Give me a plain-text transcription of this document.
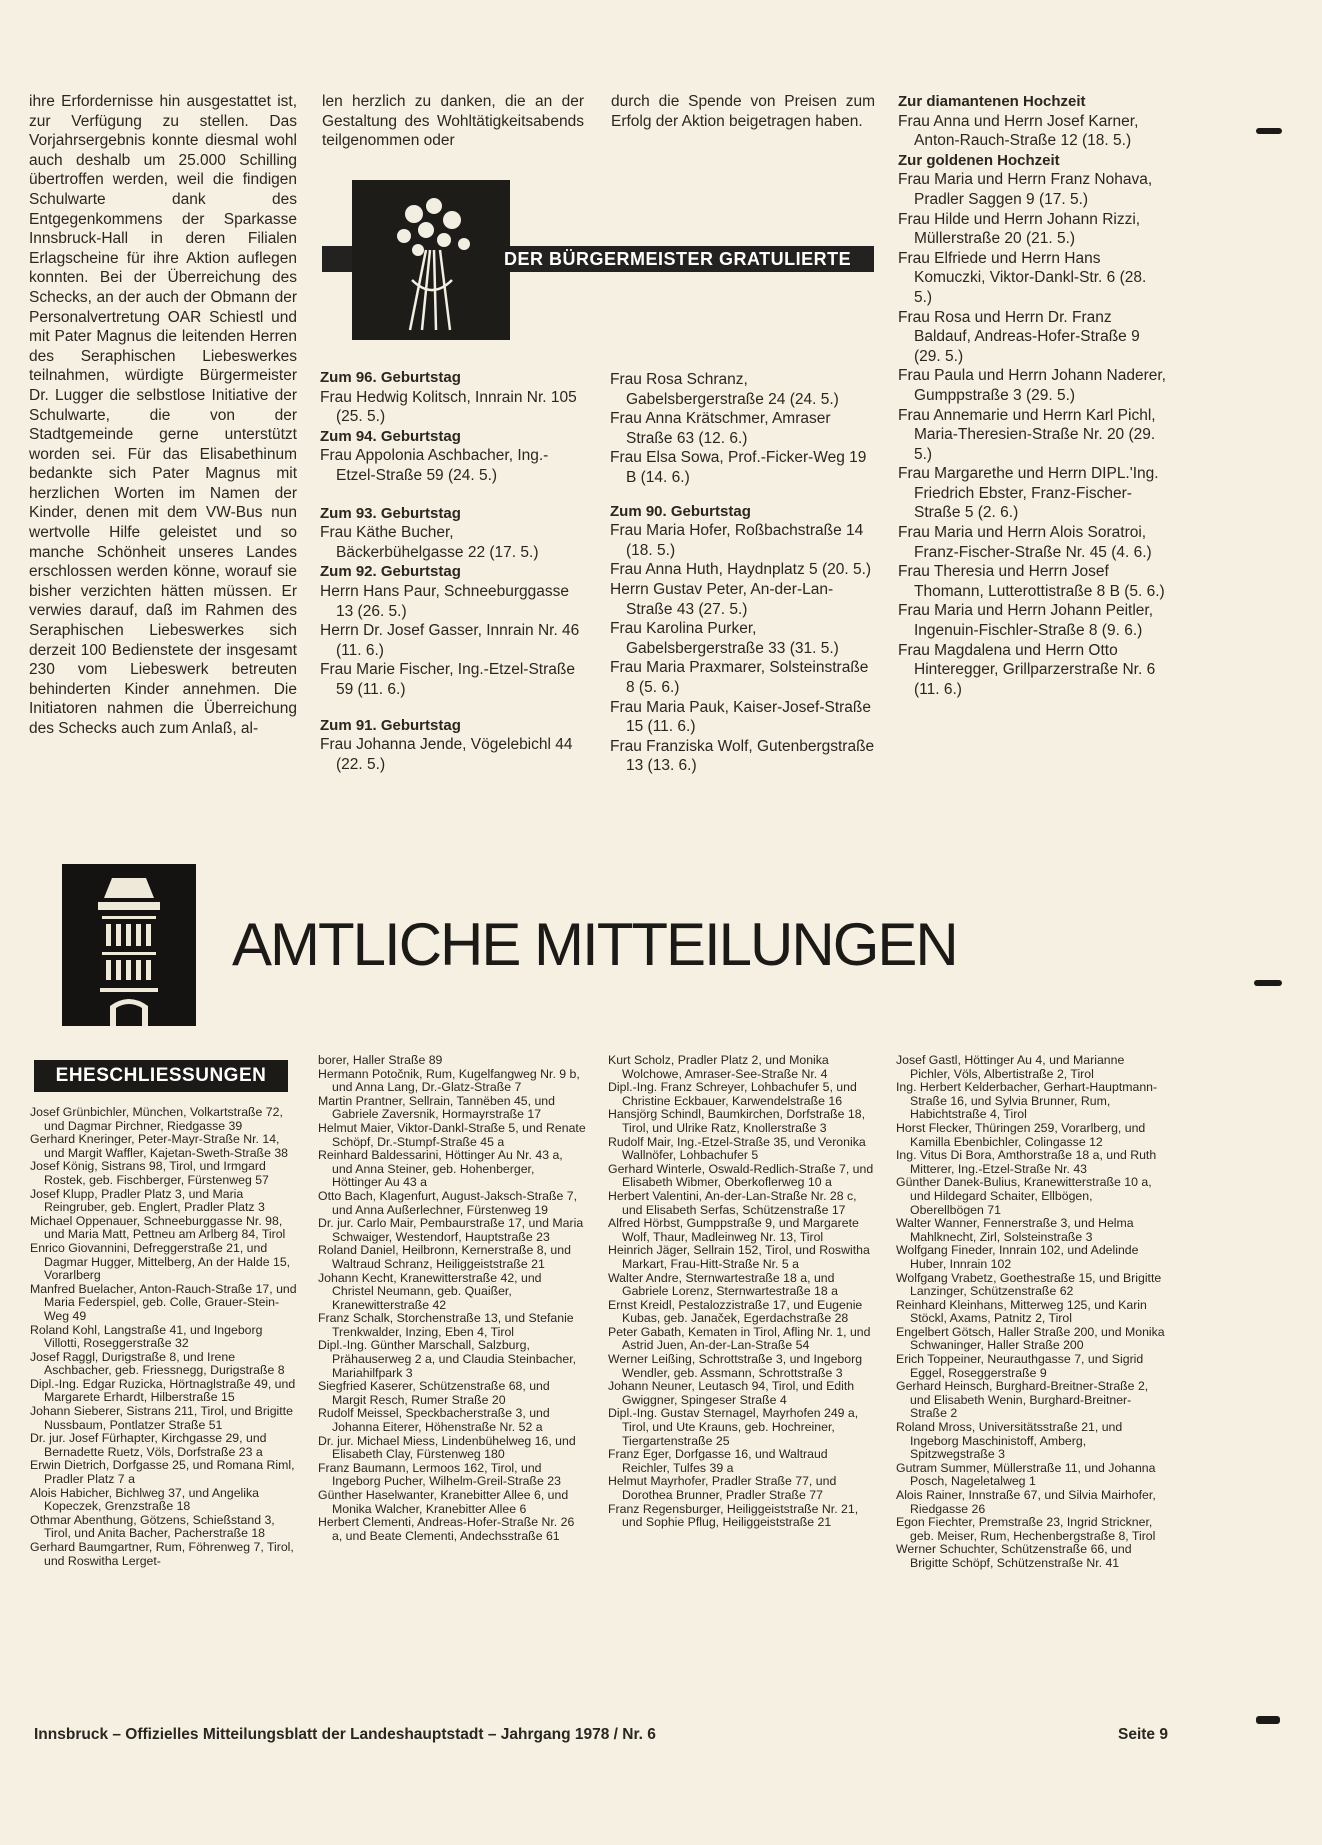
ihre Erfordernisse hin ausgestattet ist, zur Verfügung zu stellen. Das Vorjahrsergebnis konnte diesmal wohl auch deshalb um 25.000 Schilling übertroffen werden, weil die findigen Schulwarte dank des Entgegenkommens der Sparkasse Innsbruck-Hall in deren Filialen Erlagscheine für ihre Aktion auflegen konnten. Bei der Überreichung des Schecks, an der auch der Obmann der Personalvertretung OAR Schiestl und mit Pater Magnus die leitenden Herren des Seraphischen Liebeswerkes teilnahmen, würdigte Bürgermeister Dr. Lugger die selbstlose Initiative der Schulwarte, die von der Stadtgemeinde gerne unterstützt worden sei. Für das Elisabethinum bedankte sich Pater Magnus mit herzlichen Worten im Namen der Kinder, denen mit dem VW-Bus nun wertvolle Hilfe geleistet und so manche Schönheit unseres Landes erschlossen werden könne, worauf sie bisher verzichten hätten müssen. Er verwies darauf, daß im Rahmen des Seraphischen Liebeswerkes sich derzeit 100 Bedienstete der insgesamt 230 vom Liebeswerk betreuten behinderten Kinder annehmen. Die Initiatoren nahmen die Überreichung des Schecks auch zum Anlaß, al-

len herzlich zu danken, die an der Gestaltung des Wohltätigkeitsabends teilgenommen oder

durch die Spende von Preisen zum Erfolg der Aktion beigetragen haben.

DER BÜRGERMEISTER GRATULIERTE

Zum 96. Geburtstag

Frau Hedwig Kolitsch, Innrain Nr. 105 (25. 5.)

Zum 94. Geburtstag

Frau Appolonia Aschbacher, Ing.-Etzel-Straße 59 (24. 5.)

Zum 93. Geburtstag

Frau Käthe Bucher, Bäckerbühelgasse 22 (17. 5.)

Zum 92. Geburtstag

Herrn Hans Paur, Schneeburggasse 13 (26. 5.)

Herrn Dr. Josef Gasser, Innrain Nr. 46 (11. 6.)

Frau Marie Fischer, Ing.-Etzel-Straße 59 (11. 6.)

Zum 91. Geburtstag

Frau Johanna Jende, Vögelebichl 44 (22. 5.)

Frau Rosa Schranz, Gabelsbergerstraße 24 (24. 5.)

Frau Anna Krätschmer, Amraser Straße 63 (12. 6.)

Frau Elsa Sowa, Prof.-Ficker-Weg 19 B (14. 6.)

Zum 90. Geburtstag

Frau Maria Hofer, Roßbachstraße 14 (18. 5.)

Frau Anna Huth, Haydnplatz 5 (20. 5.)

Herrn Gustav Peter, An-der-Lan-Straße 43 (27. 5.)

Frau Karolina Purker, Gabelsbergerstraße 33 (31. 5.)

Frau Maria Praxmarer, Solsteinstraße 8 (5. 6.)

Frau Maria Pauk, Kaiser-Josef-Straße 15 (11. 6.)

Frau Franziska Wolf, Gutenbergstraße 13 (13. 6.)

Zur diamantenen Hochzeit

Frau Anna und Herrn Josef Karner, Anton-Rauch-Straße 12 (18. 5.)

Zur goldenen Hochzeit

Frau Maria und Herrn Franz Nohava, Pradler Saggen 9 (17. 5.)

Frau Hilde und Herrn Johann Rizzi, Müllerstraße 20 (21. 5.)

Frau Elfriede und Herrn Hans Komuczki, Viktor-Dankl-Str. 6 (28. 5.)

Frau Rosa und Herrn Dr. Franz Baldauf, Andreas-Hofer-Straße 9 (29. 5.)

Frau Paula und Herrn Johann Naderer, Gumppstraße 3 (29. 5.)

Frau Annemarie und Herrn Karl Pichl, Maria-Theresien-Straße Nr. 20 (29. 5.)

Frau Margarethe und Herrn DIPL.'Ing. Friedrich Ebster, Franz-Fischer-Straße 5 (2. 6.)

Frau Maria und Herrn Alois Soratroi, Franz-Fischer-Straße Nr. 45 (4. 6.)

Frau Theresia und Herrn Josef Thomann, Lutterottistraße 8 B (5. 6.)

Frau Maria und Herrn Johann Peitler, Ingenuin-Fischler-Straße 8 (9. 6.)

Frau Magdalena und Herrn Otto Hinteregger, Grillparzerstraße Nr. 6 (11. 6.)

AMTLICHE MITTEILUNGEN
EHESCHLIESSUNGEN

Josef Grünbichler, München, Volkartstraße 72, und Dagmar Pirchner, Riedgasse 39

Gerhard Kneringer, Peter-Mayr-Straße Nr. 14, und Margit Waffler, Kajetan-Sweth-Straße 38

Josef König, Sistrans 98, Tirol, und Irmgard Rostek, geb. Fischberger, Fürstenweg 57

Josef Klupp, Pradler Platz 3, und Maria Reingruber, geb. Englert, Pradler Platz 3

Michael Oppenauer, Schneeburggasse Nr. 98, und Maria Matt, Pettneu am Arlberg 84, Tirol

Enrico Giovannini, Defreggerstraße 21, und Dagmar Hugger, Mittelberg, An der Halde 15, Vorarlberg

Manfred Buelacher, Anton-Rauch-Straße 17, und Maria Federspiel, geb. Colle, Grauer-Stein-Weg 49

Roland Kohl, Langstraße 41, und Ingeborg Villotti, Roseggerstraße 32

Josef Raggl, Durigstraße 8, und Irene Aschbacher, geb. Friessnegg, Durigstraße 8

Dipl.-Ing. Edgar Ruzicka, Hörtnaglstraße 49, und Margarete Erhardt, Hilberstraße 15

Johann Sieberer, Sistrans 211, Tirol, und Brigitte Nussbaum, Pontlatzer Straße 51

Dr. jur. Josef Fürhapter, Kirchgasse 29, und Bernadette Ruetz, Völs, Dorfstraße 23 a

Erwin Dietrich, Dorfgasse 25, und Romana Riml, Pradler Platz 7 a

Alois Habicher, Bichlweg 37, und Angelika Kopeczek, Grenzstraße 18

Othmar Abenthung, Götzens, Schießstand 3, Tirol, und Anita Bacher, Pacherstraße 18

Gerhard Baumgartner, Rum, Föhrenweg 7, Tirol, und Roswitha Lerget-

borer, Haller Straße 89

Hermann Potočnik, Rum, Kugelfangweg Nr. 9 b, und Anna Lang, Dr.-Glatz-Straße 7

Martin Prantner, Sellrain, Tannëben 45, und Gabriele Zaversnik, Hormayrstraße 17

Helmut Maier, Viktor-Dankl-Straße 5, und Renate Schöpf, Dr.-Stumpf-Straße 45 a

Reinhard Baldessarini, Höttinger Au Nr. 43 a, und Anna Steiner, geb. Hohenberger, Höttinger Au 43 a

Otto Bach, Klagenfurt, August-Jaksch-Straße 7, und Anna Außerlechner, Fürstenweg 19

Dr. jur. Carlo Mair, Pembaurstraße 17, und Maria Schwaiger, Westendorf, Hauptstraße 23

Roland Daniel, Heilbronn, Kernerstraße 8, und Waltraud Schranz, Heiliggeiststraße 21

Johann Kecht, Kranewitterstraße 42, und Christel Neumann, geb. Quaißer, Kranewitterstraße 42

Franz Schalk, Storchenstraße 13, und Stefanie Trenkwalder, Inzing, Eben 4, Tirol

Dipl.-Ing. Günther Marschall, Salzburg, Prähauserweg 2 a, und Claudia Steinbacher, Mariahilfpark 3

Siegfried Kaserer, Schützenstraße 68, und Margit Resch, Rumer Straße 20

Rudolf Meissel, Speckbacherstraße 3, und Johanna Eiterer, Höhenstraße Nr. 52 a

Dr. jur. Michael Miess, Lindenbühelweg 16, und Elisabeth Clay, Fürstenweg 180

Franz Baumann, Lermoos 162, Tirol, und Ingeborg Pucher, Wilhelm-Greil-Straße 23

Günther Haselwanter, Kranebitter Allee 6, und Monika Walcher, Kranebitter Allee 6

Herbert Clementi, Andreas-Hofer-Straße Nr. 26 a, und Beate Clementi, Andechsstraße 61

Kurt Scholz, Pradler Platz 2, und Monika Wolchowe, Amraser-See-Straße Nr. 4

Dipl.-Ing. Franz Schreyer, Lohbachufer 5, und Christine Eckbauer, Karwendelstraße 16

Hansjörg Schindl, Baumkirchen, Dorfstraße 18, Tirol, und Ulrike Ratz, Knollerstraße 3

Rudolf Mair, Ing.-Etzel-Straße 35, und Veronika Wallnöfer, Lohbachufer 5

Gerhard Winterle, Oswald-Redlich-Straße 7, und Elisabeth Wibmer, Oberkoflerweg 10 a

Herbert Valentini, An-der-Lan-Straße Nr. 28 c, und Elisabeth Serfas, Schützenstraße 17

Alfred Hörbst, Gumppstraße 9, und Margarete Wolf, Thaur, Madleinweg Nr. 13, Tirol

Heinrich Jäger, Sellrain 152, Tirol, und Roswitha Markart, Frau-Hitt-Straße Nr. 5 a

Walter Andre, Sternwartestraße 18 a, und Gabriele Lorenz, Sternwartestraße 18 a

Ernst Kreidl, Pestalozzistraße 17, und Eugenie Kubas, geb. Janaček, Egerdachstraße 28

Peter Gabath, Kematen in Tirol, Afling Nr. 1, und Astrid Juen, An-der-Lan-Straße 54

Werner Leißing, Schrottstraße 3, und Ingeborg Wendler, geb. Assmann, Schrottstraße 3

Johann Neuner, Leutasch 94, Tirol, und Edith Gwiggner, Spingeser Straße 4

Dipl.-Ing. Gustav Sternagel, Mayrhofen 249 a, Tirol, und Ute Krauns, geb. Hochreiner, Tiergartenstraße 25

Franz Eger, Dorfgasse 16, und Waltraud Reichler, Tulfes 39 a

Helmut Mayrhofer, Pradler Straße 77, und Dorothea Brunner, Pradler Straße 77

Franz Regensburger, Heiliggeiststraße Nr. 21, und Sophie Pflug, Heiliggeiststraße 21

Josef Gastl, Höttinger Au 4, und Marianne Pichler, Völs, Albertistraße 2, Tirol

Ing. Herbert Kelderbacher, Gerhart-Hauptmann-Straße 16, und Sylvia Brunner, Rum, Habichtstraße 4, Tirol

Horst Flecker, Thüringen 259, Vorarlberg, und Kamilla Ebenbichler, Colingasse 12

Ing. Vitus Di Bora, Amthorstraße 18 a, und Ruth Mitterer, Ing.-Etzel-Straße Nr. 43

Günther Danek-Bulius, Kranewitterstraße 10 a, und Hildegard Schaiter, Ellbögen, Oberellbögen 71

Walter Wanner, Fennerstraße 3, und Helma Mahlknecht, Zirl, Solsteinstraße 3

Wolfgang Fineder, Innrain 102, und Adelinde Huber, Innrain 102

Wolfgang Vrabetz, Goethestraße 15, und Brigitte Lanzinger, Schützenstraße 62

Reinhard Kleinhans, Mitterweg 125, und Karin Stöckl, Axams, Patnitz 2, Tirol

Engelbert Götsch, Haller Straße 200, und Monika Schwaninger, Haller Straße 200

Erich Toppeiner, Neurauthgasse 7, und Sigrid Eggel, Roseggerstraße 9

Gerhard Heinsch, Burghard-Breitner-Straße 2, und Elisabeth Wenin, Burghard-Breitner-Straße 2

Roland Mross, Universitätsstraße 21, und Ingeborg Maschinistoff, Amberg, Spitzwegstraße 3

Gutram Summer, Müllerstraße 11, und Johanna Posch, Nageletalweg 1

Alois Rainer, Innstraße 67, und Silvia Mairhofer, Riedgasse 26

Egon Fiechter, Premstraße 23, Ingrid Strickner, geb. Meiser, Rum, Hechenbergstraße 8, Tirol

Werner Schuchter, Schützenstraße 66, und Brigitte Schöpf, Schützenstraße Nr. 41

Innsbruck – Offizielles Mitteilungsblatt der Landeshauptstadt – Jahrgang 1978 / Nr. 6	Seite 9
